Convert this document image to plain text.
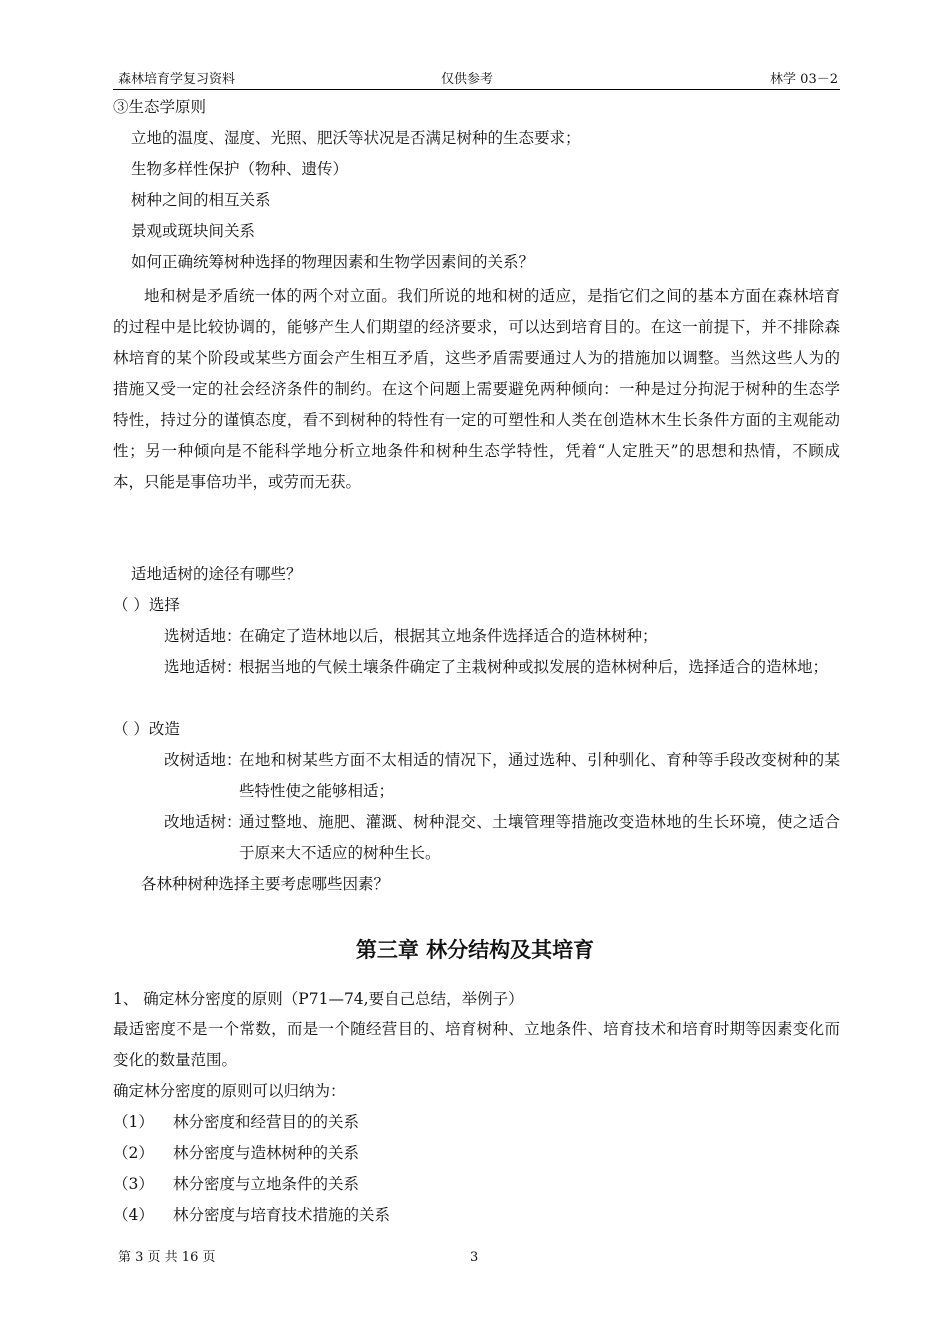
森林培育学复习资料	仅供参考	林学 03－2
③生态学原则
立地的温度、湿度、光照、肥沃等状况是否满足树种的生态要求；
生物多样性保护（物种、遗传）
树种之间的相互关系
景观或斑块间关系
如何正确统筹树种选择的物理因素和生物学因素间的关系？
地和树是矛盾统一体的两个对立面。我们所说的地和树的适应，是指它们之间的基本方面在森林培育的过程中是比较协调的，能够产生人们期望的经济要求，可以达到培育目的。在这一前提下，并不排除森林培育的某个阶段或某些方面会产生相互矛盾，这些矛盾需要通过人为的措施加以调整。当然这些人为的措施又受一定的社会经济条件的制约。在这个问题上需要避免两种倾向：一种是过分拘泥于树种的生态学特性，持过分的谨慎态度，看不到树种的特性有一定的可塑性和人类在创造林木生长条件方面的主观能动性；另一种倾向是不能科学地分析立地条件和树种生态学特性，凭着“人定胜天”的思想和热情，不顾成本，只能是事倍功半，或劳而无获。
适地适树的途径有哪些？
（ ）选择
选树适地：
在确定了造林地以后，根据其立地条件选择适合的造林树种；
选地适树：
根据当地的气候土壤条件确定了主栽树种或拟发展的造林树种后，选择适合的造林地；
（ ）改造
改树适地：
在地和树某些方面不太相适的情况下，通过选种、引种驯化、育种等手段改变树种的某些特性使之能够相适；
改地适树：
通过整地、施肥、灌溉、树种混交、土壤管理等措施改变造林地的生长环境，使之适合于原来大不适应的树种生长。
各林种树种选择主要考虑哪些因素？
第三章 林分结构及其培育
1、 确定林分密度的原则（P71—74,要自己总结，举例子）
最适密度不是一个常数，而是一个随经营目的、培育树种、立地条件、培育技术和培育时期等因素变化而变化的数量范围。
确定林分密度的原则可以归纳为：
（1） 林分密度和经营目的的关系
（2） 林分密度与造林树种的关系
（3） 林分密度与立地条件的关系
（4） 林分密度与培育技术措施的关系
第 3 页 共 16 页	3
